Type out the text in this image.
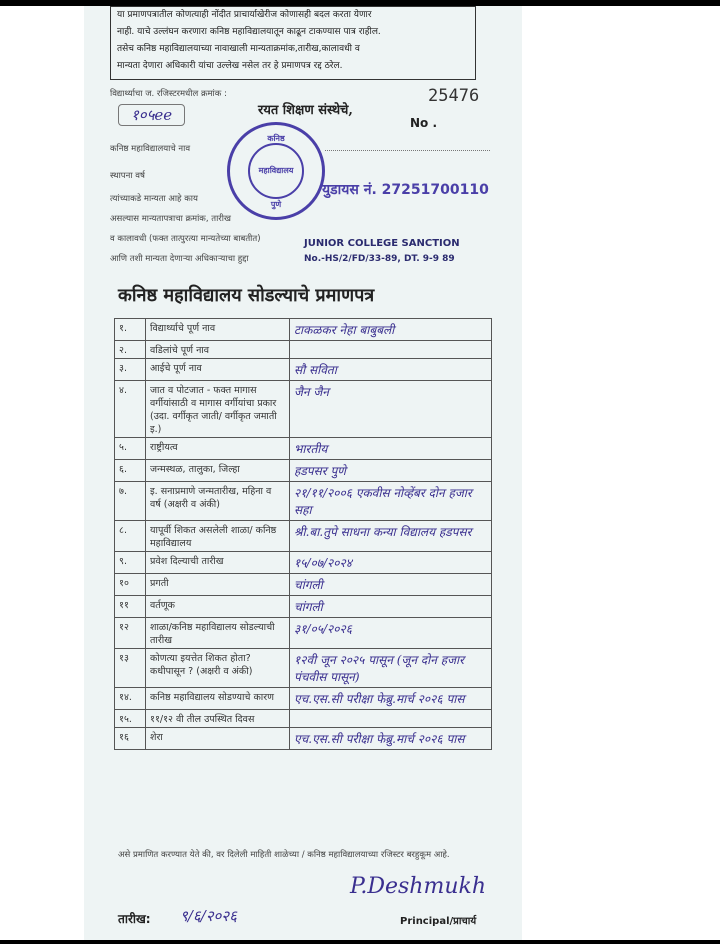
या प्रमाणपत्रातील कोणत्याही नोंदीत प्राचार्याखेरीज कोणासही बदल करता येणार
नाही. याचे उल्लंघन करणारा कनिष्ठ महाविद्यालयातून काढून टाकण्यास पात्र राहील.
तसेच कनिष्ठ महाविद्यालयाच्या नावाखाली मान्यताक्रमांक,तारीख,कालावधी व
मान्यता देणारा अधिकारी यांचा उल्लेख नसेल तर हे प्रमाणपत्र रद्द ठरेल.
विद्यार्थ्याचा ज. रजिस्टरमधील क्रमांक :
१०५ee	रयत शिक्षण संस्थेचे,
25476
No .
कनिष्ठ महाविद्यालयाचे नाव
स्थापना वर्ष
त्यांच्याकडे मान्यता आहे काय
युडायस नं. 27251700110
असल्यास मान्यतापत्राचा क्रमांक, तारीख
व कालावधी (फक्त तात्पुरत्या मान्यतेच्या बाबतीत)
आणि तशी मान्यता देणाऱ्या अधिकाऱ्याचा हुद्दा
JUNIOR COLLEGE SANCTION
No.-HS/2/FD/33-89, DT. 9-9 89
कनिष्ठ
महाविद्यालय
पुणे
कनिष्ठ महाविद्यालय सोडल्याचे प्रमाणपत्र
१.	विद्यार्थ्याचे पूर्ण नाव	टाकळकर नेहा बाबुबली
२.	वडिलांचे पूर्ण नाव	
३.	आईचे पूर्ण नाव	सौ सविता
४.	जात व पोटजात - फक्त मागास वर्गीयांसाठी व मागास वर्गीयांचा प्रकार (उदा. वर्गीकृत जाती/ वर्गीकृत जमाती इ.)	जैन जैन
५.	राष्ट्रीयत्व	भारतीय
६.	जन्मस्थळ, तालुका, जिल्हा	हडपसर पुणे
७.	इ. सनाप्रमाणे जन्मतारीख, महिना व वर्ष (अक्षरी व अंकी)	२१/११/२००६ एकवीस नोव्हेंबर दोन हजार सहा
८.	यापूर्वी शिकत असलेली शाळा/ कनिष्ठ महाविद्यालय	श्री.बा.तुपे साधना कन्या विद्यालय हडपसर
९.	प्रवेश दिल्याची तारीख	१५/०७/२०२४
१०	प्रगती	चांगली
११	वर्तणूक	चांगली
१२	शाळा/कनिष्ठ महाविद्यालय सोडल्याची तारीख	३१/०५/२०२६
१३	कोणत्या इयत्तेत शिकत होता? कधीपासून ? (अक्षरी व अंकी)	१२वी जून २०२५ पासून (जून दोन हजार पंचवीस पासून)
१४.	कनिष्ठ महाविद्यालय सोडण्याचे कारण	एच.एस.सी परीक्षा फेब्रु.मार्च २०२६ पास
१५.	११/१२ वी तील उपस्थित दिवस	
१६	शेरा	एच.एस.सी परीक्षा फेब्रु.मार्च २०२६ पास
असे प्रमाणित करण्यात येते की, वर दिलेली माहिती शाळेच्या / कनिष्ठ महाविद्यालयाच्या रजिस्टर बरहुकूम आहे.
तारीख: ९/६/२०२६
P.Deshmukh
Principal/प्राचार्य
